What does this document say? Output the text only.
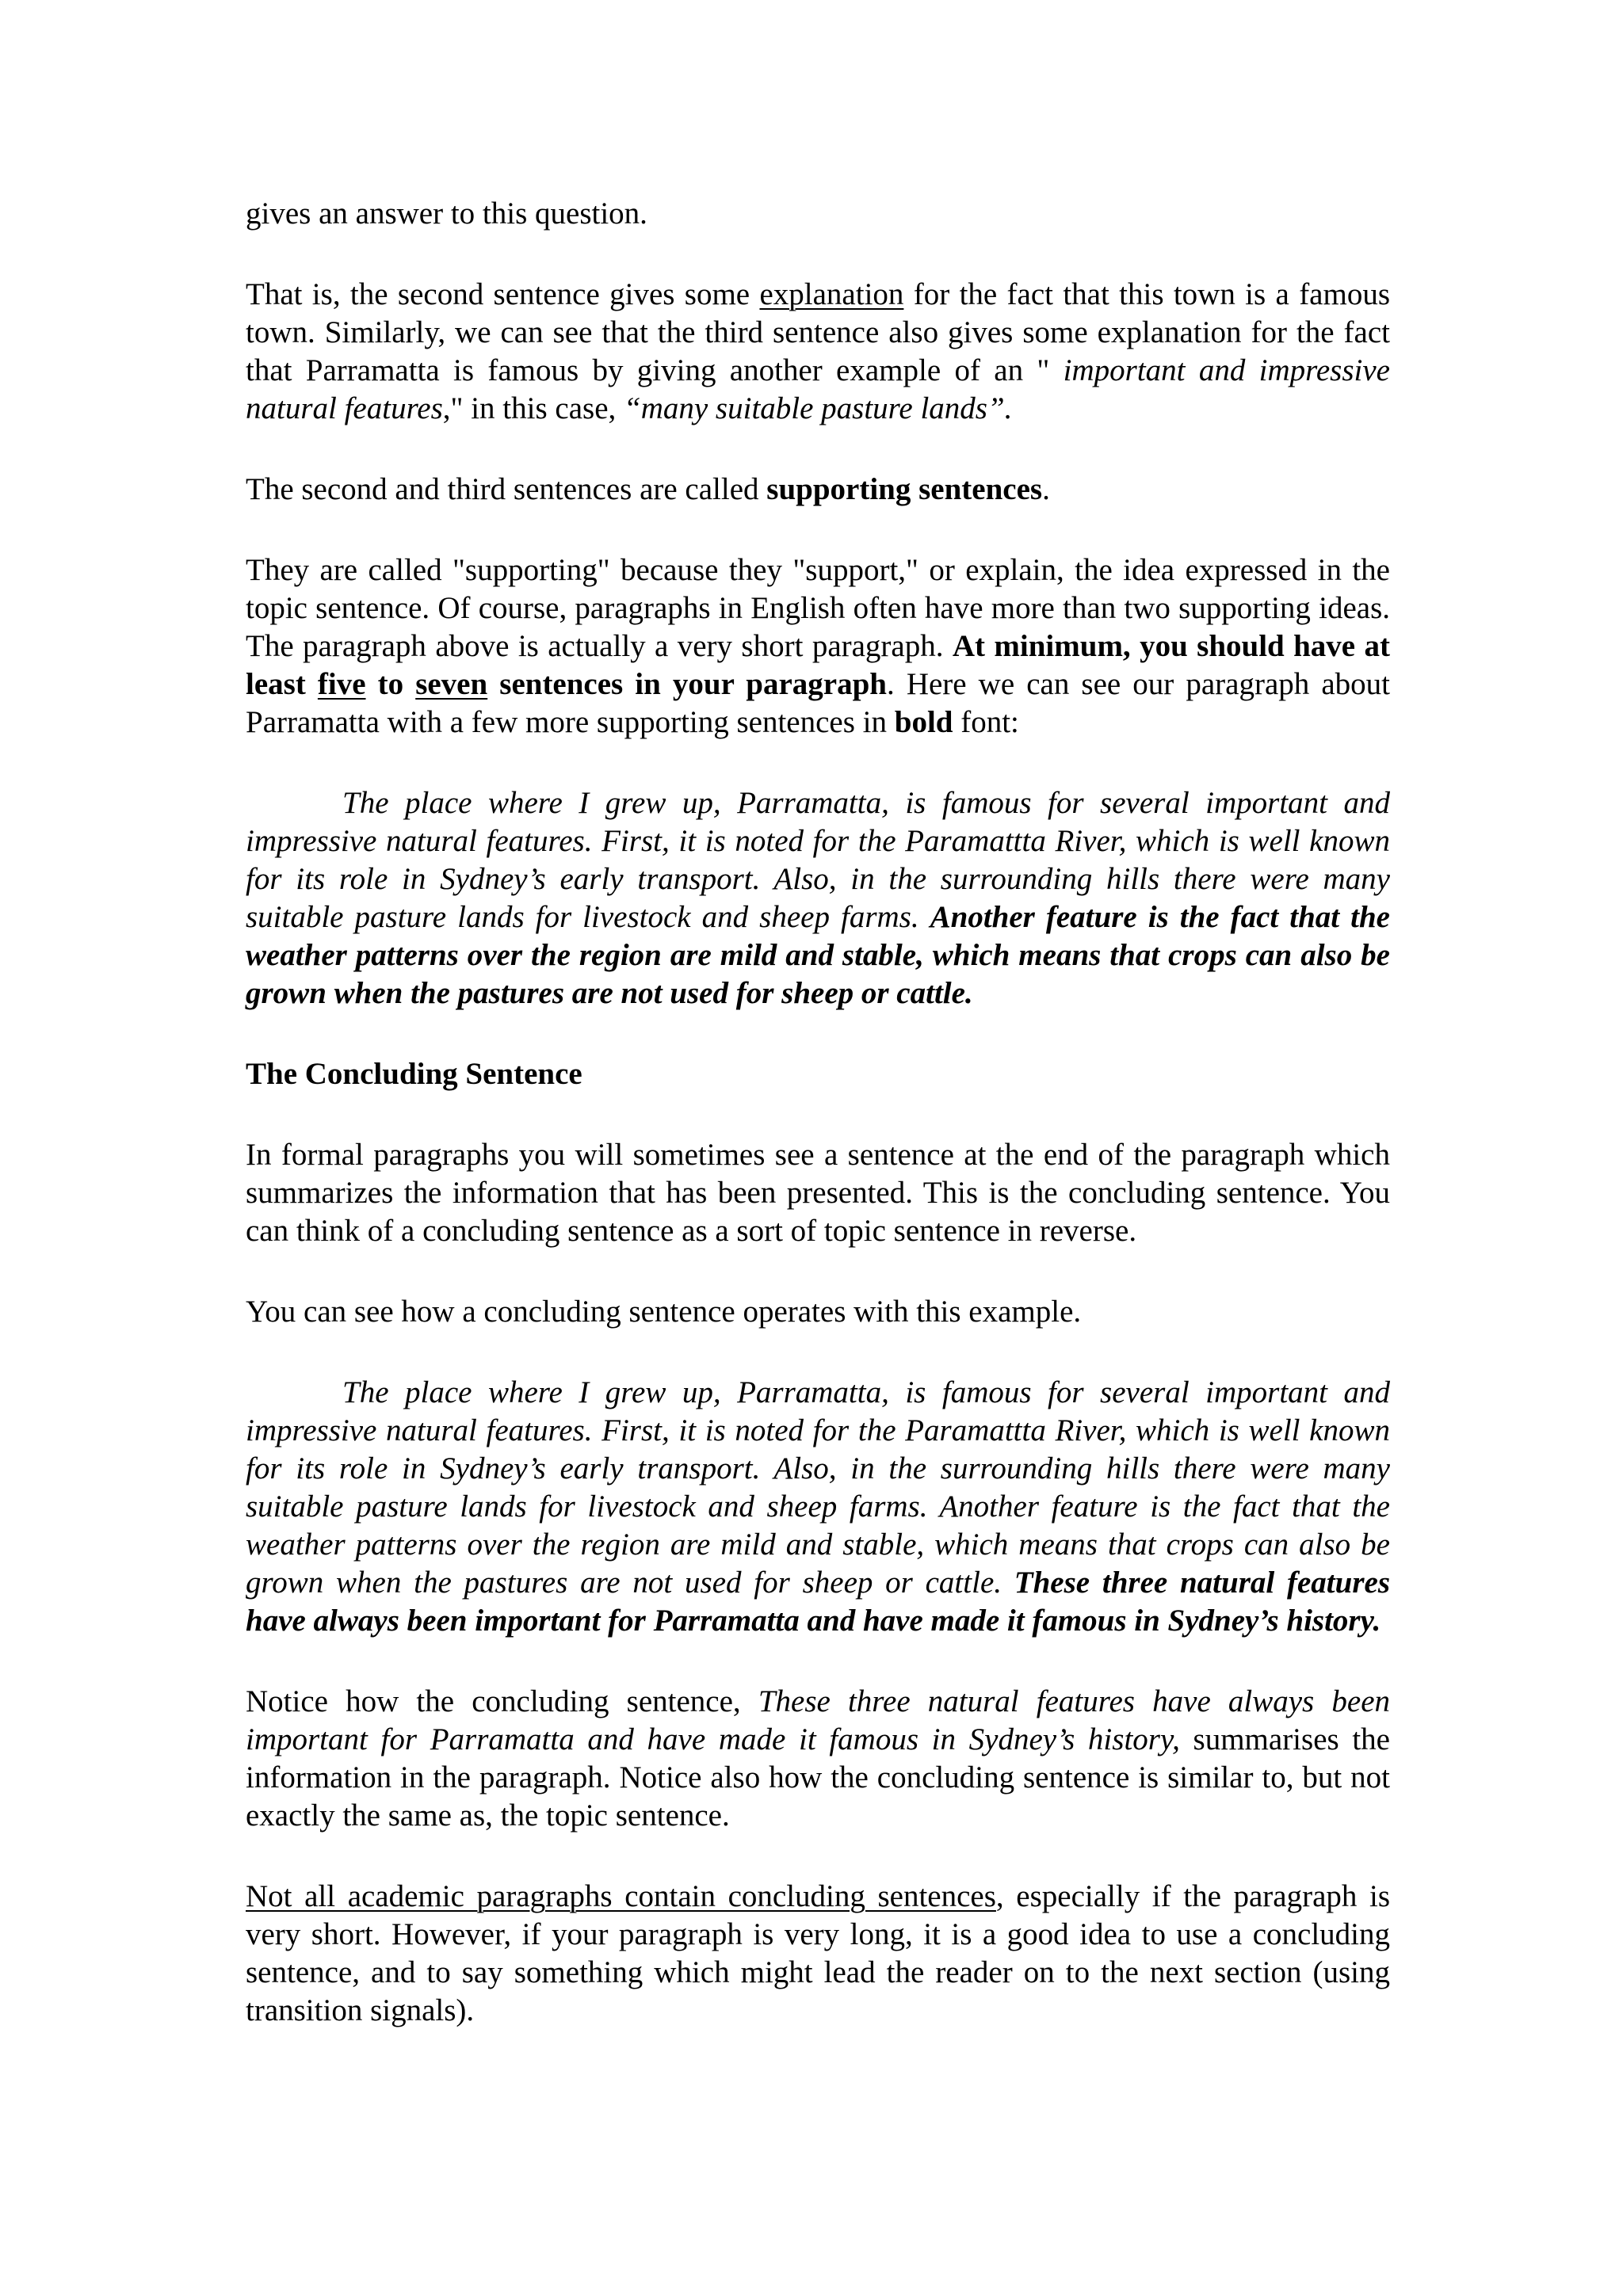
gives an answer to this question.

That is, the second sentence gives some explanation for the fact that this town is a famous town. Similarly, we can see that the third sentence also gives some explanation for the fact that Parramatta is famous by giving another example of an " important and impressive natural features," in this case, “many suitable pasture lands”.

The second and third sentences are called supporting sentences.

They are called "supporting" because they "support," or explain, the idea expressed in the topic sentence. Of course, paragraphs in English often have more than two supporting ideas. The paragraph above is actually a very short paragraph. At minimum, you should have at least five to seven sentences in your paragraph. Here we can see our paragraph about Parramatta with a few more supporting sentences in bold font:

The place where I grew up, Parramatta, is famous for several important and impressive natural features. First, it is noted for the Paramattta River, which is well known for its role in Sydney’s early transport. Also, in the surrounding hills there were many suitable pasture lands for livestock and sheep farms. Another feature is the fact that the weather patterns over the region are mild and stable, which means that crops can also be grown when the pastures are not used for sheep or cattle.

The Concluding Sentence

In formal paragraphs you will sometimes see a sentence at the end of the paragraph which summarizes the information that has been presented. This is the concluding sentence. You can think of a concluding sentence as a sort of topic sentence in reverse.

You can see how a concluding sentence operates with this example.

The place where I grew up, Parramatta, is famous for several important and impressive natural features. First, it is noted for the Paramattta River, which is well known for its role in Sydney’s early transport. Also, in the surrounding hills there were many suitable pasture lands for livestock and sheep farms. Another feature is the fact that the weather patterns over the region are mild and stable, which means that crops can also be grown when the pastures are not used for sheep or cattle. These three natural features have always been important for Parramatta and have made it famous in Sydney’s history.

Notice how the concluding sentence, These three natural features have always been important for Parramatta and have made it famous in Sydney’s history, summarises the information in the paragraph. Notice also how the concluding sentence is similar to, but not exactly the same as, the topic sentence.

Not all academic paragraphs contain concluding sentences, especially if the paragraph is very short. However, if your paragraph is very long, it is a good idea to use a concluding sentence, and to say something which might lead the reader on to the next section (using transition signals).
